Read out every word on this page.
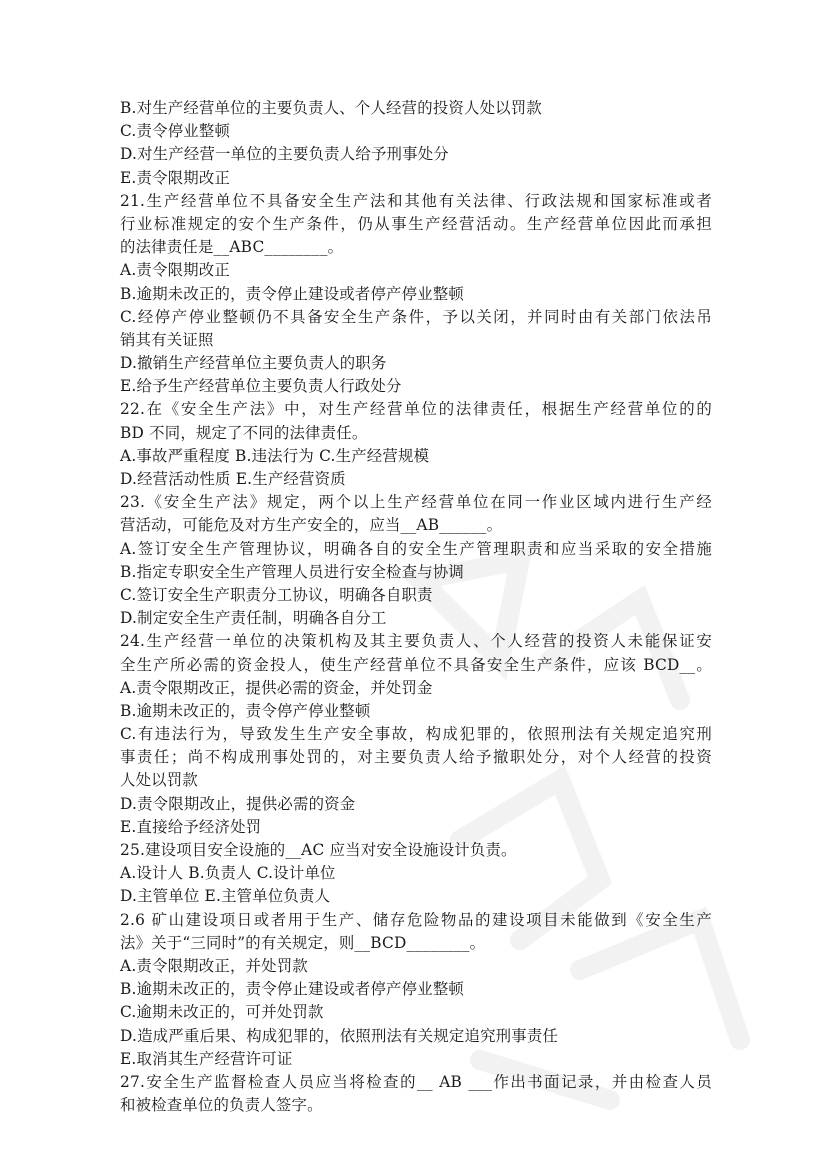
B.对生产经营单位的主要负责人、个人经营的投资人处以罚款
C.责令停业整顿
D.对生产经营一单位的主要负责人给予刑事处分
E.责令限期改正
21.生产经营单位不具备安全生产法和其他有关法律、行政法规和国家标准或者
行业标准规定的安个生产条件，仍从事生产经营活动。生产经营单位因此而承担
的法律责任是__ABC________。
A.责令限期改正
B.逾期未改正的，责令停止建设或者停产停业整顿
C.经停产停业整顿仍不具备安全生产条件，予以关闭，并同时由有关部门依法吊
销其有关证照
D.撤销生产经营单位主要负责人的职务
E.给予生产经营单位主要负责人行政处分
22.在《安全生产法》中，对生产经营单位的法律责任，根据生产经营单位的的
BD 不同，规定了不同的法律责任。
A.事故严重程度 B.违法行为 C.生产经营规模
D.经营活动性质 E.生产经营资质
23.《安全生产法》规定，两个以上生产经营单位在同一作业区域内进行生产经
营活动，可能危及对方生产安全的，应当__AB______。
A.签订安全生产管理协议，明确各自的安全生产管理职责和应当采取的安全措施
B.指定专职安全生产管理人员进行安全检查与协调
C.签订安全生产职责分工协议，明确各自职责
D.制定安全生产责任制，明确各自分工
24.生产经营一单位的决策机构及其主要负责人、个人经营的投资人未能保证安
全生产所必需的资金投人，使生产经营单位不具备安全生产条件，应该 BCD__。
A.责令限期改正，提供必需的资金，并处罚金
B.逾期未改正的，责令停产停业整顿
C.有违法行为，导致发生生产安全事故，构成犯罪的，依照刑法有关规定追究刑
事责任；尚不构成刑事处罚的，对主要负责人给予撤职处分，对个人经营的投资
人处以罚款
D.责令限期改止，提供必需的资金
E.直接给予经济处罚
25.建设项目安全设施的__AC 应当对安全设施设计负责。
A.设计人 B.负责人 C.设计单位
D.主管单位 E.主管单位负责人
2.6 矿山建设项日或者用于生产、储存危险物品的建设项目未能做到《安全生产
法》关于“三同时”的有关规定，则__BCD________。
A.责令限期改正，并处罚款
B.逾期未改正的，责令停止建设或者停产停业整顿
C.逾期未改正的，可并处罚款
D.造成严重后果、构成犯罪的，依照刑法有关规定追究刑事责任
E.取消其生产经营许可证
27.安全生产监督检查人员应当将检查的__ AB ___作出书面记录，并由检查人员
和被检查单位的负责人签字。
